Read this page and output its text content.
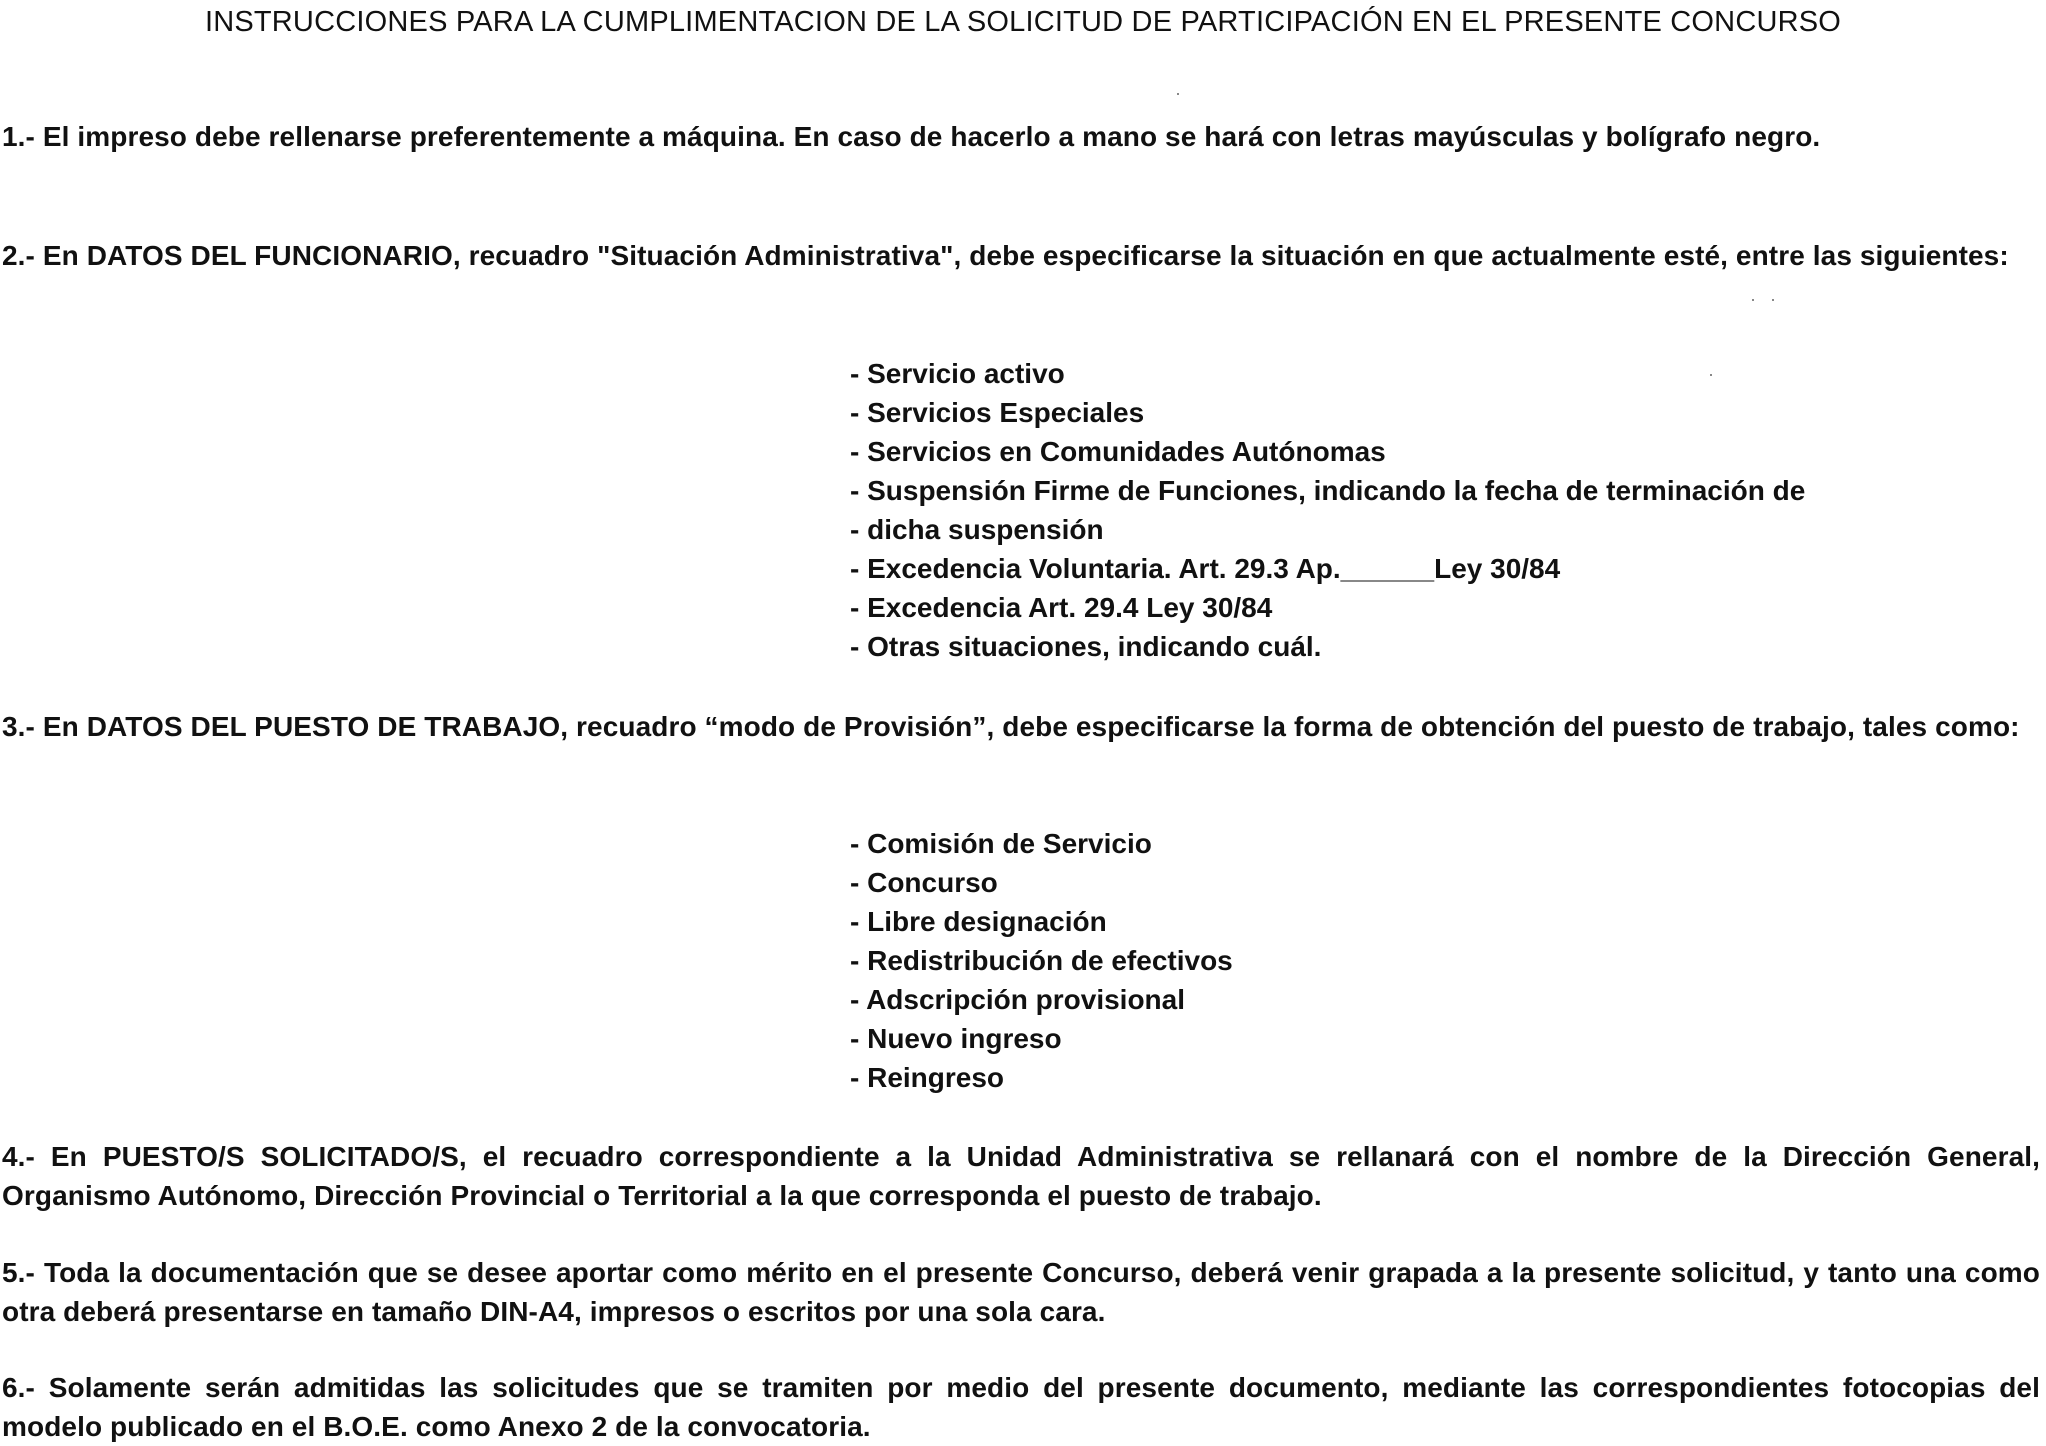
INSTRUCCIONES PARA LA CUMPLIMENTACION DE LA SOLICITUD DE PARTICIPACIÓN EN EL PRESENTE CONCURSO
1.- El impreso debe rellenarse preferentemente a máquina. En caso de hacerlo a mano se hará con letras mayúsculas y bolígrafo negro.
2.- En DATOS DEL FUNCIONARIO, recuadro "Situación Administrativa", debe especificarse la situación en que actualmente esté, entre las siguientes:
- Servicio activo
- Servicios Especiales
- Servicios en Comunidades Autónomas
- Suspensión Firme de Funciones, indicando la fecha de terminación de
- dicha suspensión
- Excedencia Voluntaria. Art. 29.3 Ap.______Ley 30/84
- Excedencia Art. 29.4 Ley 30/84
- Otras situaciones, indicando cuál.
3.- En DATOS DEL PUESTO DE TRABAJO, recuadro “modo de Provisión”, debe especificarse la forma de obtención del puesto de trabajo, tales como:
- Comisión de Servicio
- Concurso
- Libre designación
- Redistribución de efectivos
- Adscripción provisional
- Nuevo ingreso
- Reingreso
4.- En PUESTO/S SOLICITADO/S, el recuadro correspondiente a la Unidad Administrativa se rellanará con el nombre de la Dirección General, Organismo Autónomo, Dirección Provincial o Territorial a la que corresponda el puesto de trabajo.
5.- Toda la documentación que se desee aportar como mérito en el presente Concurso, deberá venir grapada a la presente solicitud, y tanto una como otra deberá presentarse en tamaño DIN-A4, impresos o escritos por una sola cara.
6.- Solamente serán admitidas las solicitudes que se tramiten por medio del presente documento, mediante las correspondientes fotocopias del modelo publicado en el B.O.E. como Anexo 2 de la convocatoria.
